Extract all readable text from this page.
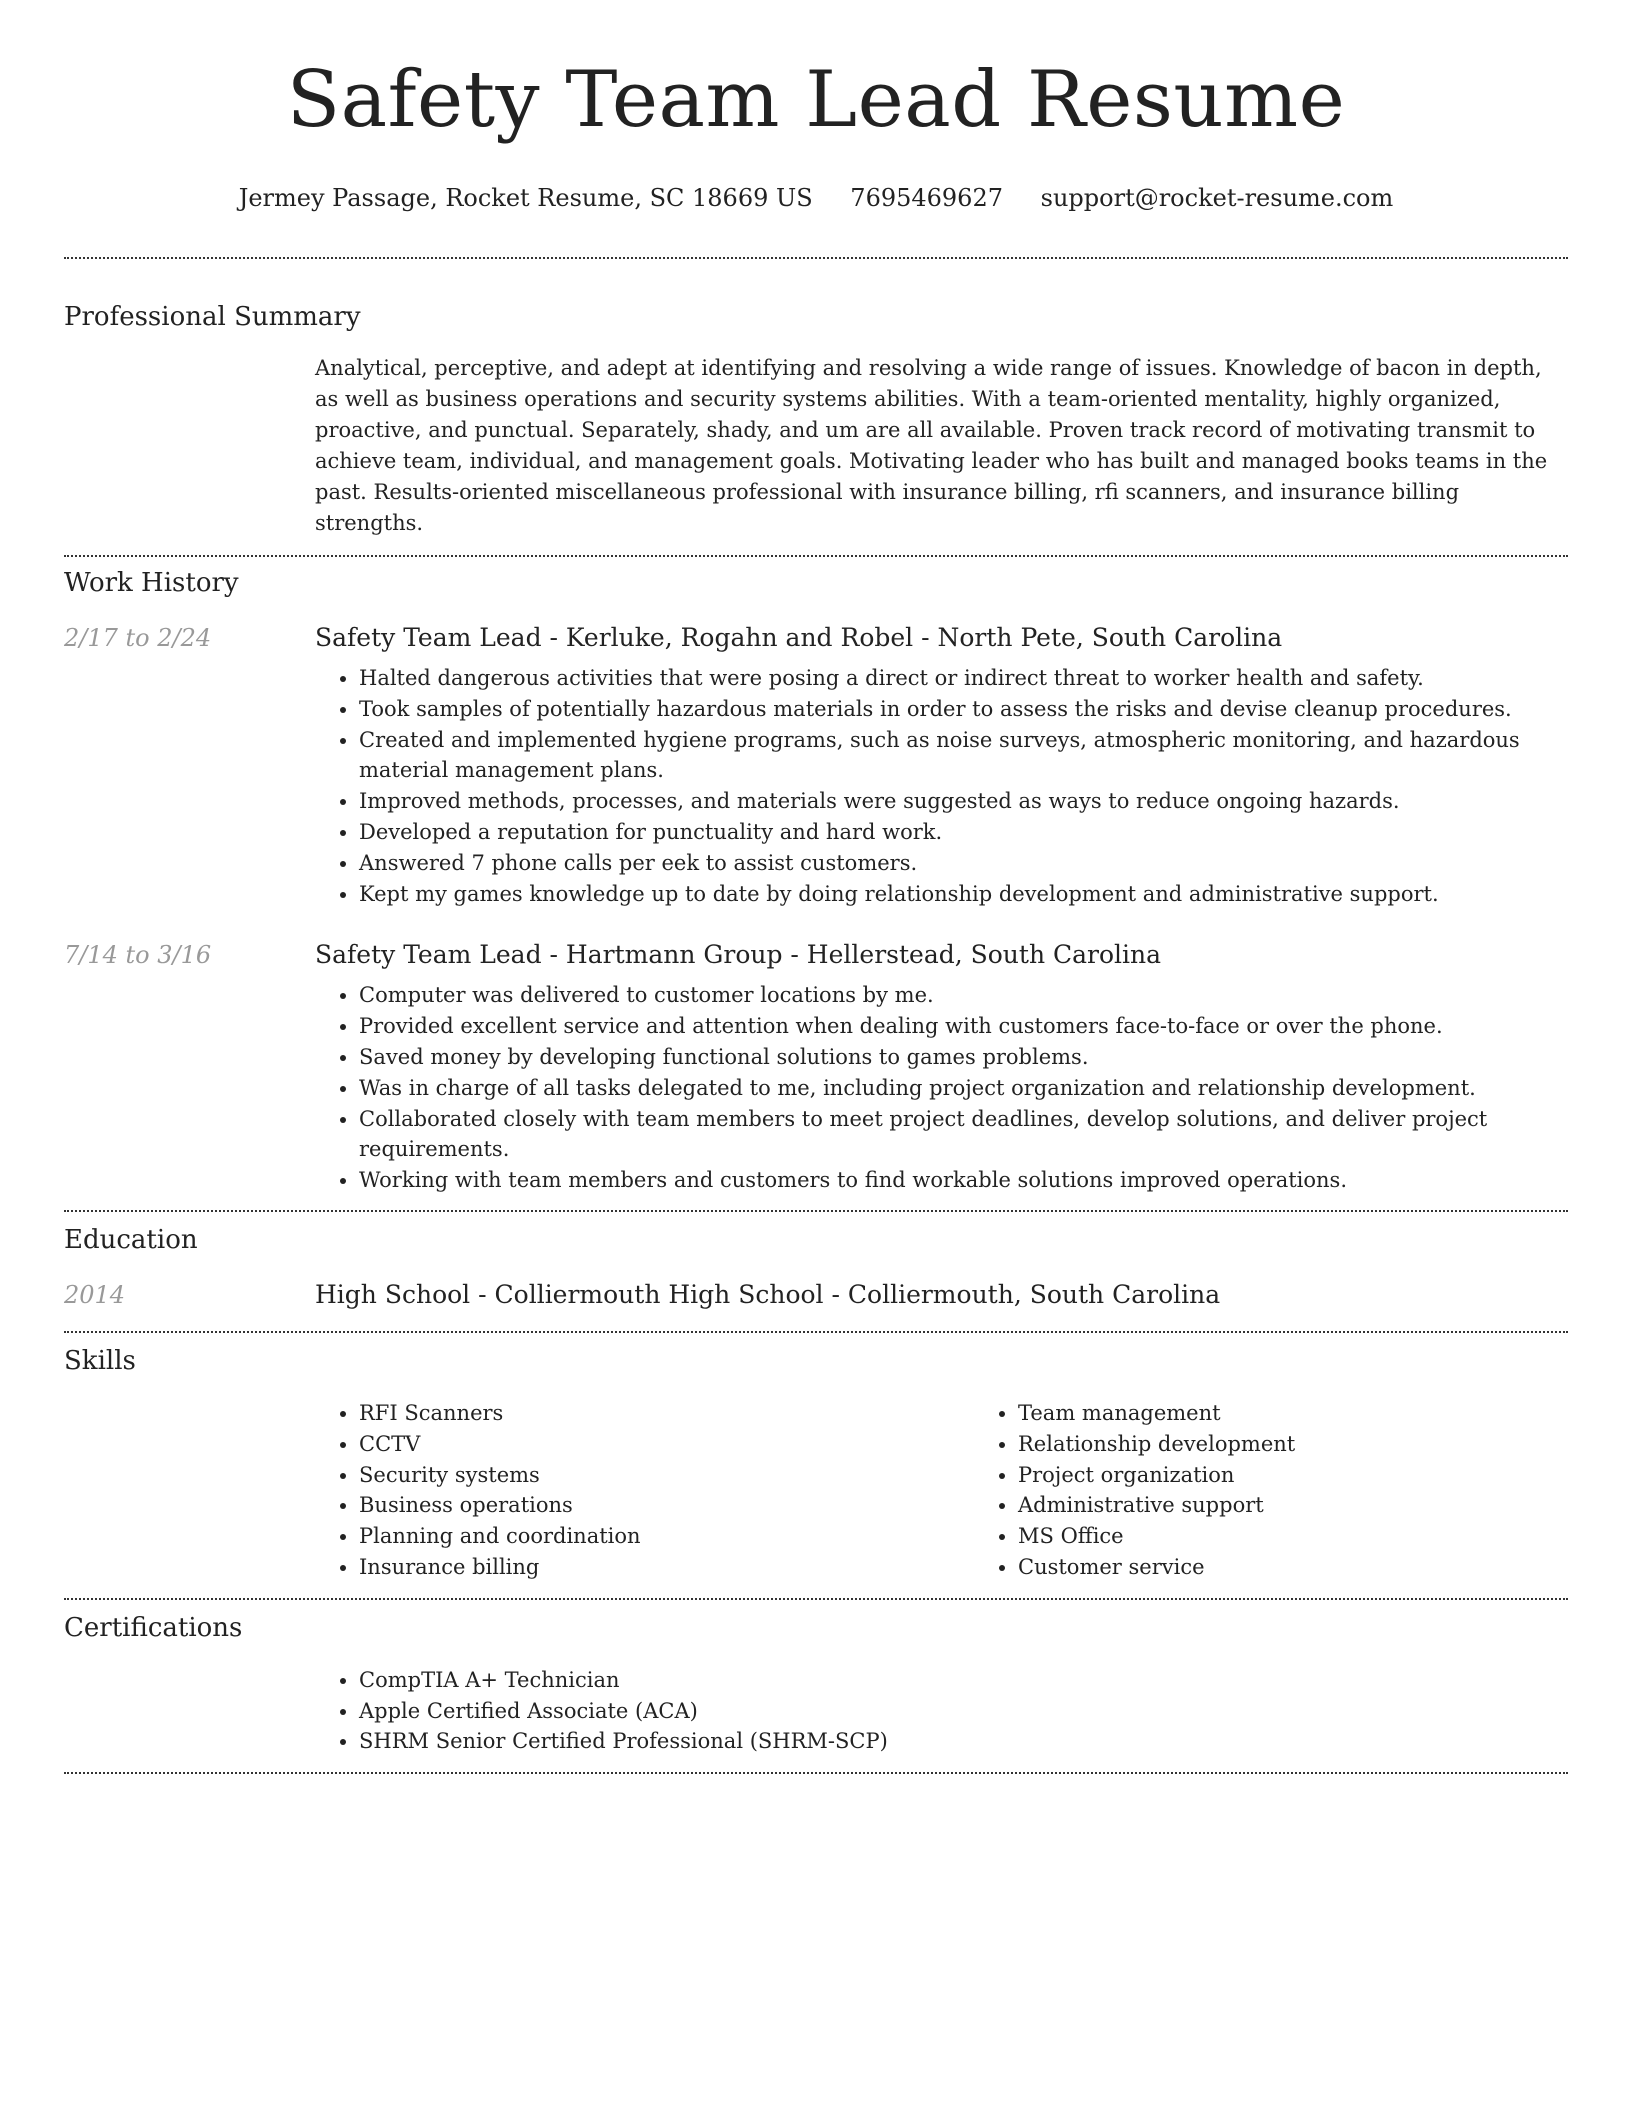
Safety Team Lead Resume
Jermey Passage, Rocket Resume, SC 18669 US 7695469627 support@rocket-resume.com
Professional Summary

Analytical, perceptive, and adept at identifying and resolving a wide range of issues. Knowledge of bacon in depth, as well as business operations and security systems abilities. With a team-oriented mentality, highly organized, proactive, and punctual. Separately, shady, and um are all available. Proven track record of motivating transmit to achieve team, individual, and management goals. Motivating leader who has built and managed books teams in the past. Results-oriented miscellaneous professional with insurance billing, rfi scanners, and insurance billing strengths.

Work History
2/17 to 2/24	Safety Team Lead - Kerluke, Rogahn and Robel - North Pete, South Carolina
• Halted dangerous activities that were posing a direct or indirect threat to worker health and safety.
• Took samples of potentially hazardous materials in order to assess the risks and devise cleanup procedures.
• Created and implemented hygiene programs, such as noise surveys, atmospheric monitoring, and hazardous material management plans.
• Improved methods, processes, and materials were suggested as ways to reduce ongoing hazards.
• Developed a reputation for punctuality and hard work.
• Answered 7 phone calls per eek to assist customers.
• Kept my games knowledge up to date by doing relationship development and administrative support.
7/14 to 3/16	Safety Team Lead - Hartmann Group - Hellerstead, South Carolina
• Computer was delivered to customer locations by me.
• Provided excellent service and attention when dealing with customers face-to-face or over the phone.
• Saved money by developing functional solutions to games problems.
• Was in charge of all tasks delegated to me, including project organization and relationship development.
• Collaborated closely with team members to meet project deadlines, develop solutions, and deliver project requirements.
• Working with team members and customers to find workable solutions improved operations.
Education
2014	High School - Colliermouth High School - Colliermouth, South Carolina
Skills
• RFI Scanners
• CCTV
• Security systems
• Business operations
• Planning and coordination
• Insurance billing
• Team management
• Relationship development
• Project organization
• Administrative support
• MS Office
• Customer service
Certifications
• CompTIA A+ Technician
• Apple Certified Associate (ACA)
• SHRM Senior Certified Professional (SHRM-SCP)
